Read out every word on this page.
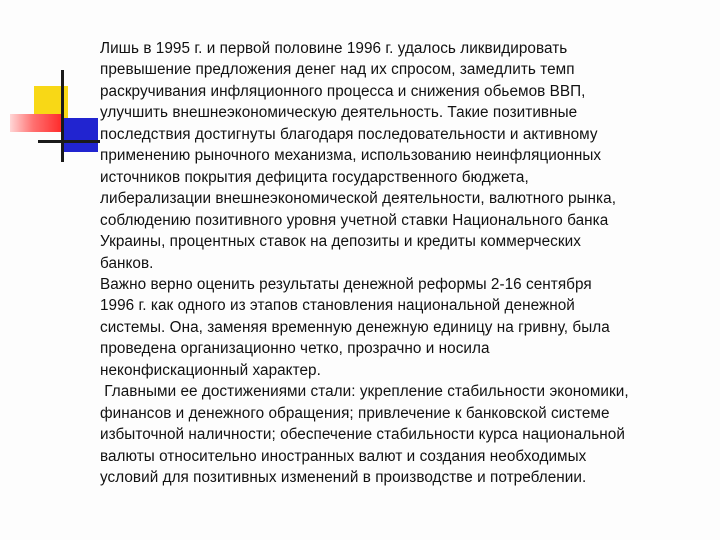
Лишь в 1995 г. и первой половине 1996 г. удалось ликвидировать
превышение предложения денег над их спросом, замедлить темп
раскручивания инфляционного процесса и снижения обьемов ВВП,
улучшить внешнеэкономическую деятельность. Такие позитивные
последствия достигнуты благодаря последовательности и активному
применению рыночного механизма, использованию неинфляционных
источников покрытия дефицита государственного бюджета,
либерализации внешнеэкономической деятельности, валютного рынка,
соблюдению позитивного уровня учетной ставки Национального банка
Украины, процентных ставок на депозиты и кредиты коммерческих
банков.
Важно верно оценить результаты денежной реформы 2-16 сентября
1996 г. как одного из этапов становления национальной денежной
системы. Она, заменяя временную денежную единицу на гривну, была
проведена организационно четко, прозрачно и носила
неконфискационный характер.
Главными ее достижениями стали: укрепление стабильности экономики,
финансов и денежного обращения; привлечение к банковской системе
избыточной наличности; обеспечение стабильности курса национальной
валюты относительно иностранных валют и создания необходимых
условий для позитивных изменений в производстве и потреблении.
